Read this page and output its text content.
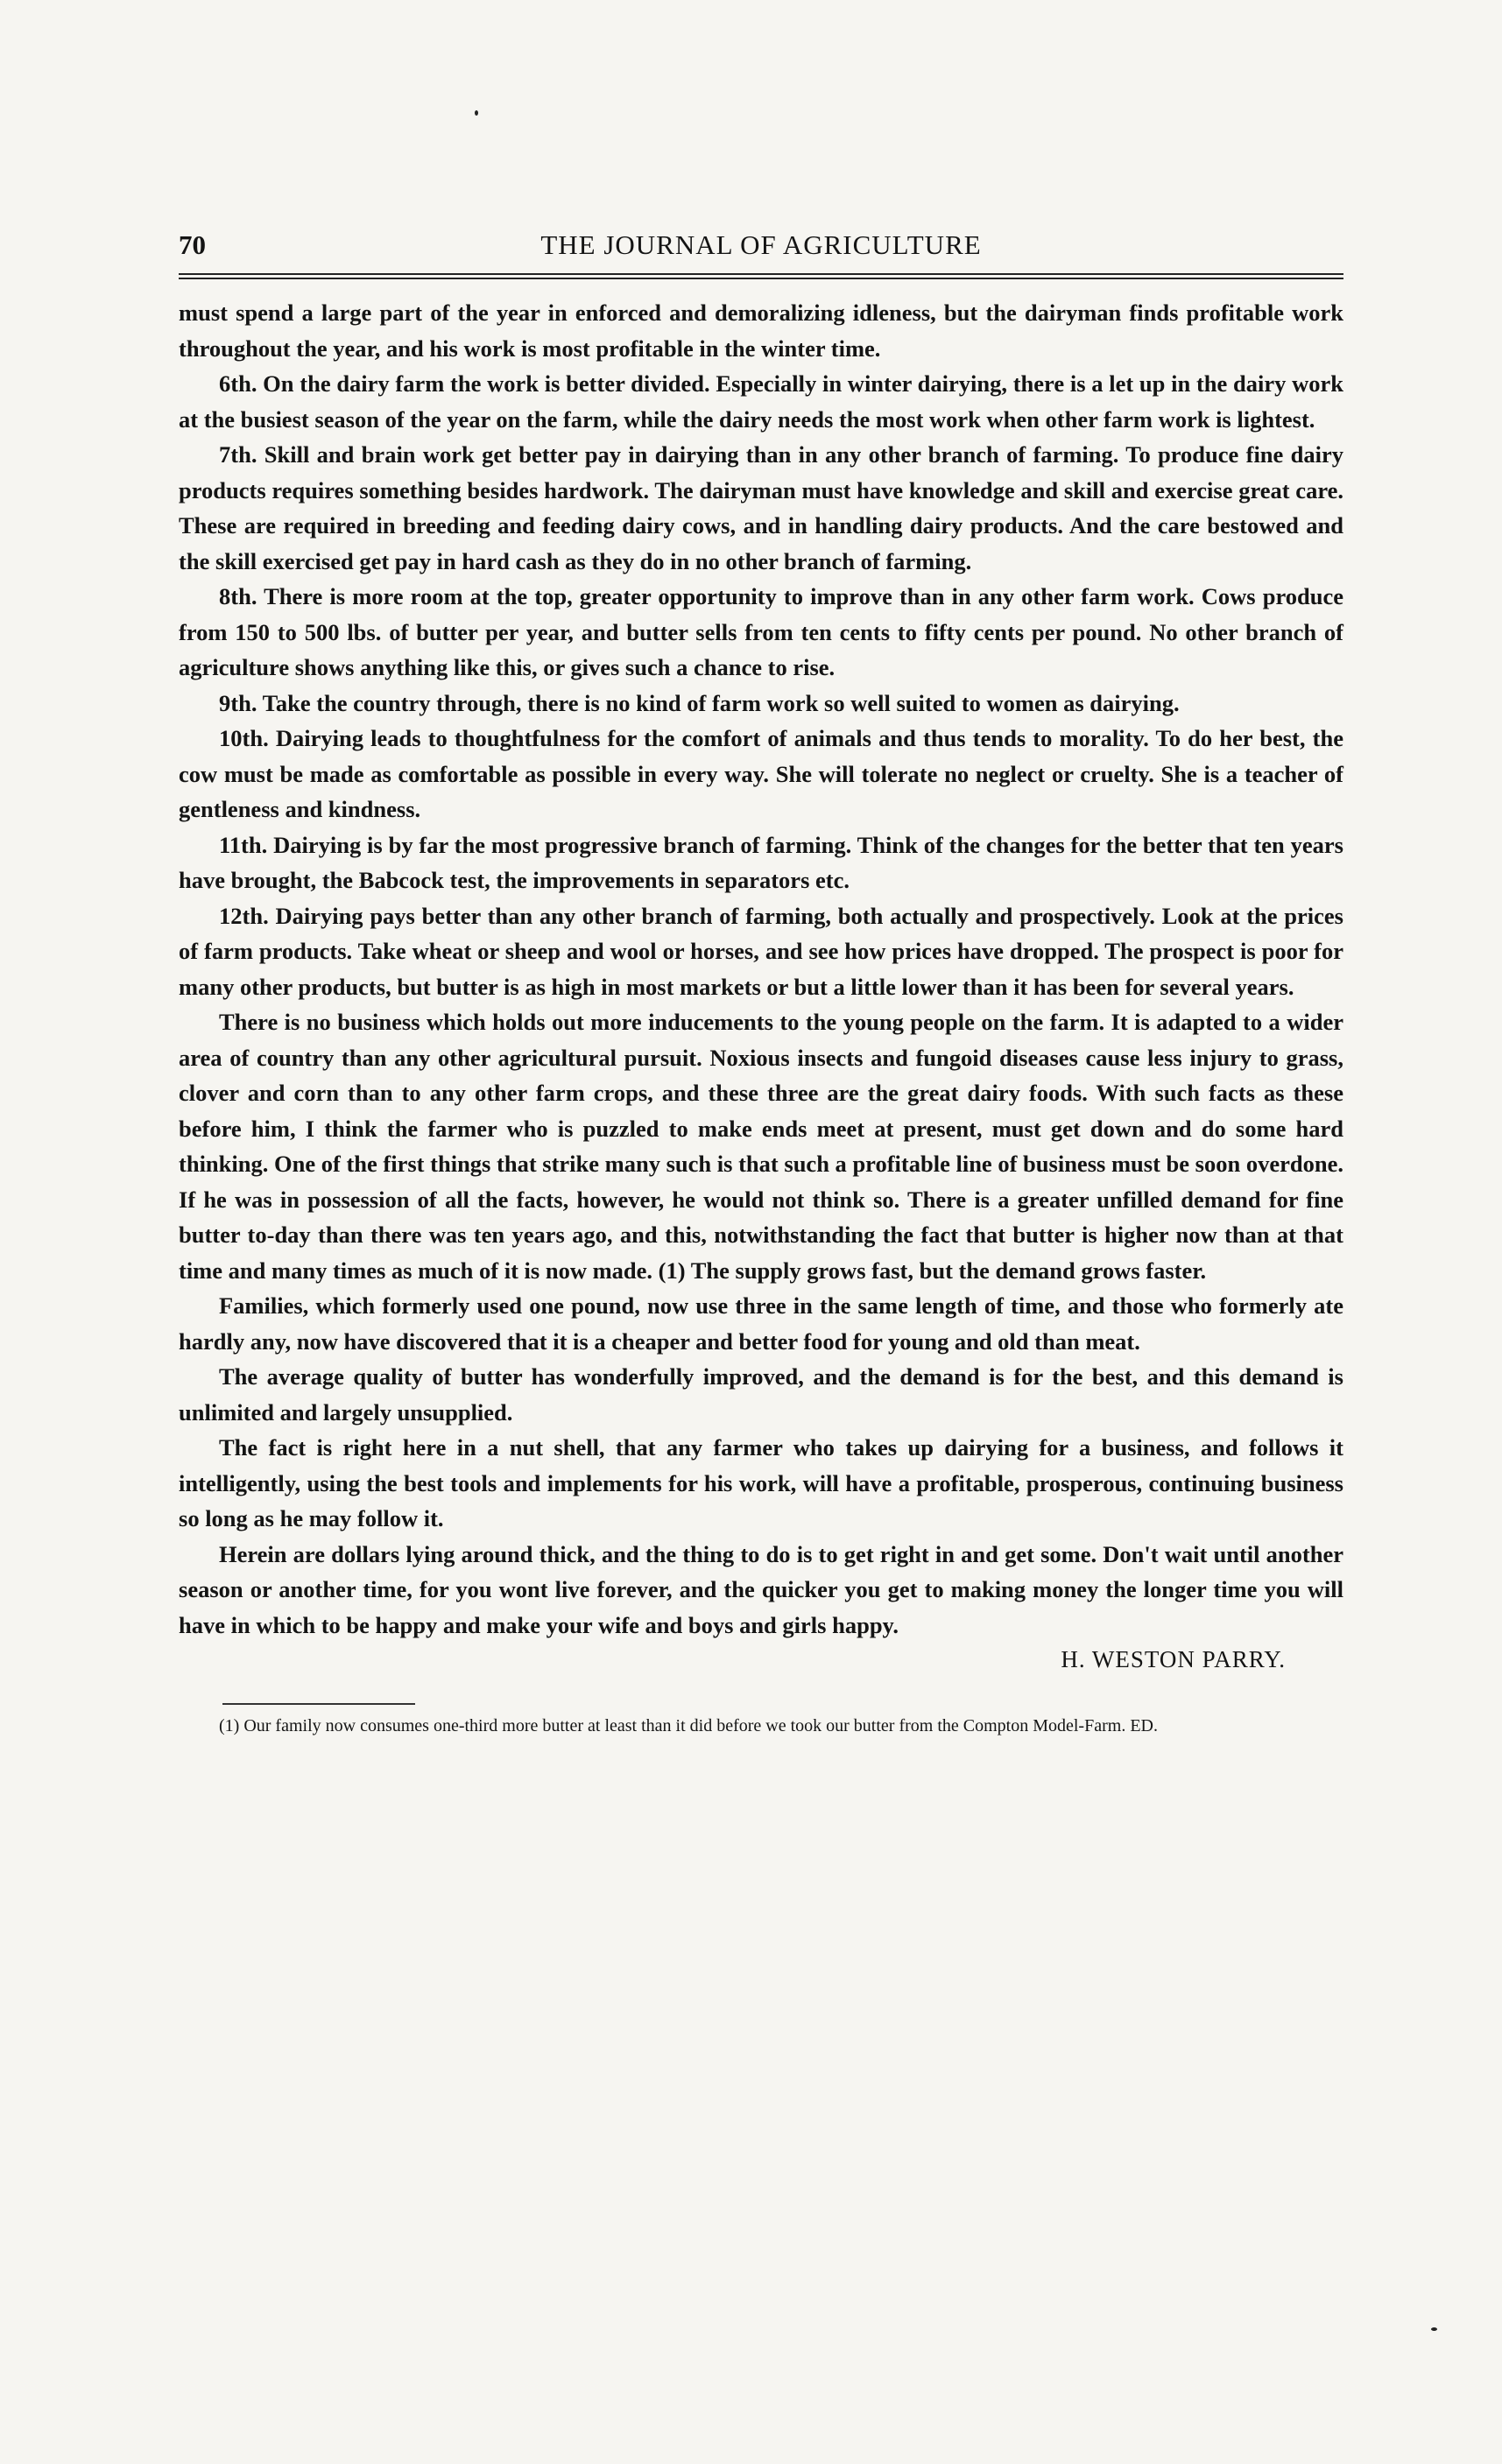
70	THE JOURNAL OF AGRICULTURE

must spend a large part of the year in enforced and demoralizing idleness, but the dairyman finds profitable work throughout the year, and his work is most profitable in the winter time.

6th. On the dairy farm the work is better divided. Especially in winter dairying, there is a let up in the dairy work at the busiest season of the year on the farm, while the dairy needs the most work when other farm work is lightest.

7th. Skill and brain work get better pay in dairying than in any other branch of farming. To produce fine dairy products requires something besides hardwork. The dairyman must have knowledge and skill and exercise great care. These are required in breeding and feeding dairy cows, and in handling dairy products. And the care bestowed and the skill exercised get pay in hard cash as they do in no other branch of farming.

8th. There is more room at the top, greater opportunity to improve than in any other farm work. Cows produce from 150 to 500 lbs. of butter per year, and butter sells from ten cents to fifty cents per pound. No other branch of agriculture shows anything like this, or gives such a chance to rise.

9th. Take the country through, there is no kind of farm work so well suited to women as dairying.

10th. Dairying leads to thoughtfulness for the comfort of animals and thus tends to morality. To do her best, the cow must be made as comfortable as possible in every way. She will tolerate no neglect or cruelty. She is a teacher of gentleness and kindness.

11th. Dairying is by far the most progressive branch of farming. Think of the changes for the better that ten years have brought, the Babcock test, the improvements in separators etc.

12th. Dairying pays better than any other branch of farming, both actually and prospectively. Look at the prices of farm products. Take wheat or sheep and wool or horses, and see how prices have dropped. The prospect is poor for many other products, but butter is as high in most markets or but a little lower than it has been for several years.

There is no business which holds out more inducements to the young people on the farm. It is adapted to a wider area of country than any other agricultural pursuit. Noxious insects and fungoid diseases cause less injury to grass, clover and corn than to any other farm crops, and these three are the great dairy foods. With such facts as these before him, I think the farmer who is puzzled to make ends meet at present, must get down and do some hard thinking. One of the first things that strike many such is that such a profitable line of business must be soon overdone. If he was in possession of all the facts, however, he would not think so. There is a greater unfilled demand for fine butter to-day than there was ten years ago, and this, notwithstanding the fact that butter is higher now than at that time and many times as much of it is now made. (1) The supply grows fast, but the demand grows faster.

Families, which formerly used one pound, now use three in the same length of time, and those who formerly ate hardly any, now have discovered that it is a cheaper and better food for young and old than meat.

The average quality of butter has wonderfully improved, and the demand is for the best, and this demand is unlimited and largely unsupplied.

The fact is right here in a nut shell, that any farmer who takes up dairying for a business, and follows it intelligently, using the best tools and implements for his work, will have a profitable, prosperous, continuing business so long as he may follow it.

Herein are dollars lying around thick, and the thing to do is to get right in and get some. Don't wait until another season or another time, for you wont live forever, and the quicker you get to making money the longer time you will have in which to be happy and make your wife and boys and girls happy.

H. WESTON PARRY.
(1) Our family now consumes one-third more butter at least than it did before we took our butter from the Compton Model-Farm. ED.
